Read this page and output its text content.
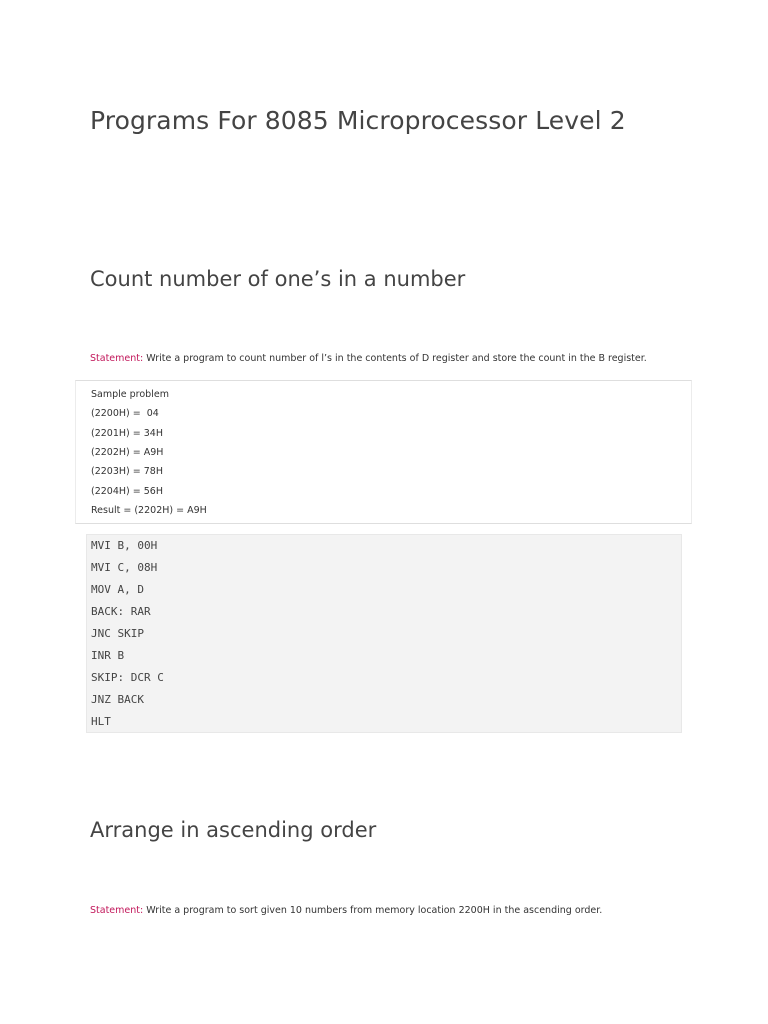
Programs For 8085 Microprocessor Level 2
Count number of one’s in a number
Statement: Write a program to count number of l’s in the contents of D register and store the count in the B register.
Sample problem
(2200H) =  04
(2201H) = 34H
(2202H) = A9H
(2203H) = 78H
(2204H) = 56H
Result = (2202H) = A9H
MVI B, 00H
MVI C, 08H
MOV A, D
BACK: RAR
JNC SKIP
INR B
SKIP: DCR C
JNZ BACK
HLT
Arrange in ascending order
Statement: Write a program to sort given 10 numbers from memory location 2200H in the ascending order.
